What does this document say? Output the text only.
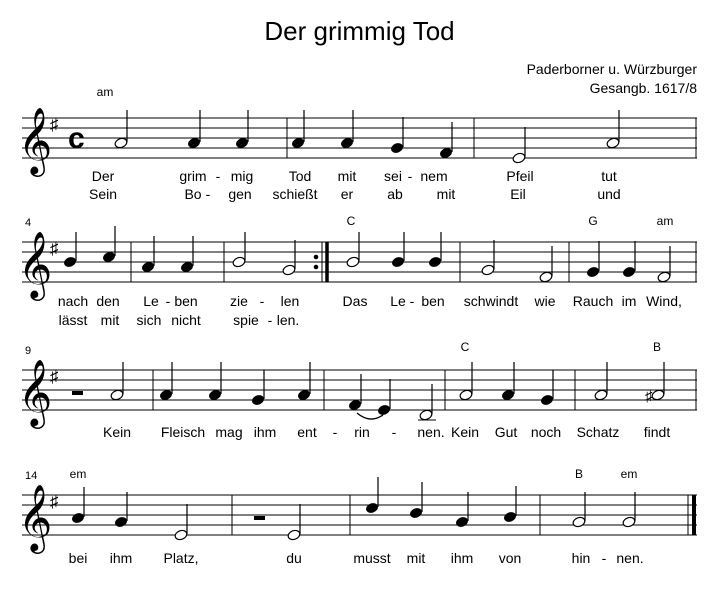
Der grimmig Tod
Paderborner u. Würzburger
Gesangb. 1617/8
𝄞
♯ c
𝄞
♯
𝄞
♯
♯
𝄞
♯
4
9
14
am
C	G	am
C	B
em	B	em
Der	grim - mig	Tod mit sei - nem	Pfeil	tut
Sein	Bo - gen schießt er ab mit	Eil	und
nach den Le - ben zie - len	Das Le - ben schwindt wie Rauch im Wind,
lässt mit sich nicht spie - len.
Kein Fleisch mag ihm ent - rin - nen. Kein Gut noch Schatz findt
bei ihm Platz,	du	musst mit ihm von	hin - nen.
